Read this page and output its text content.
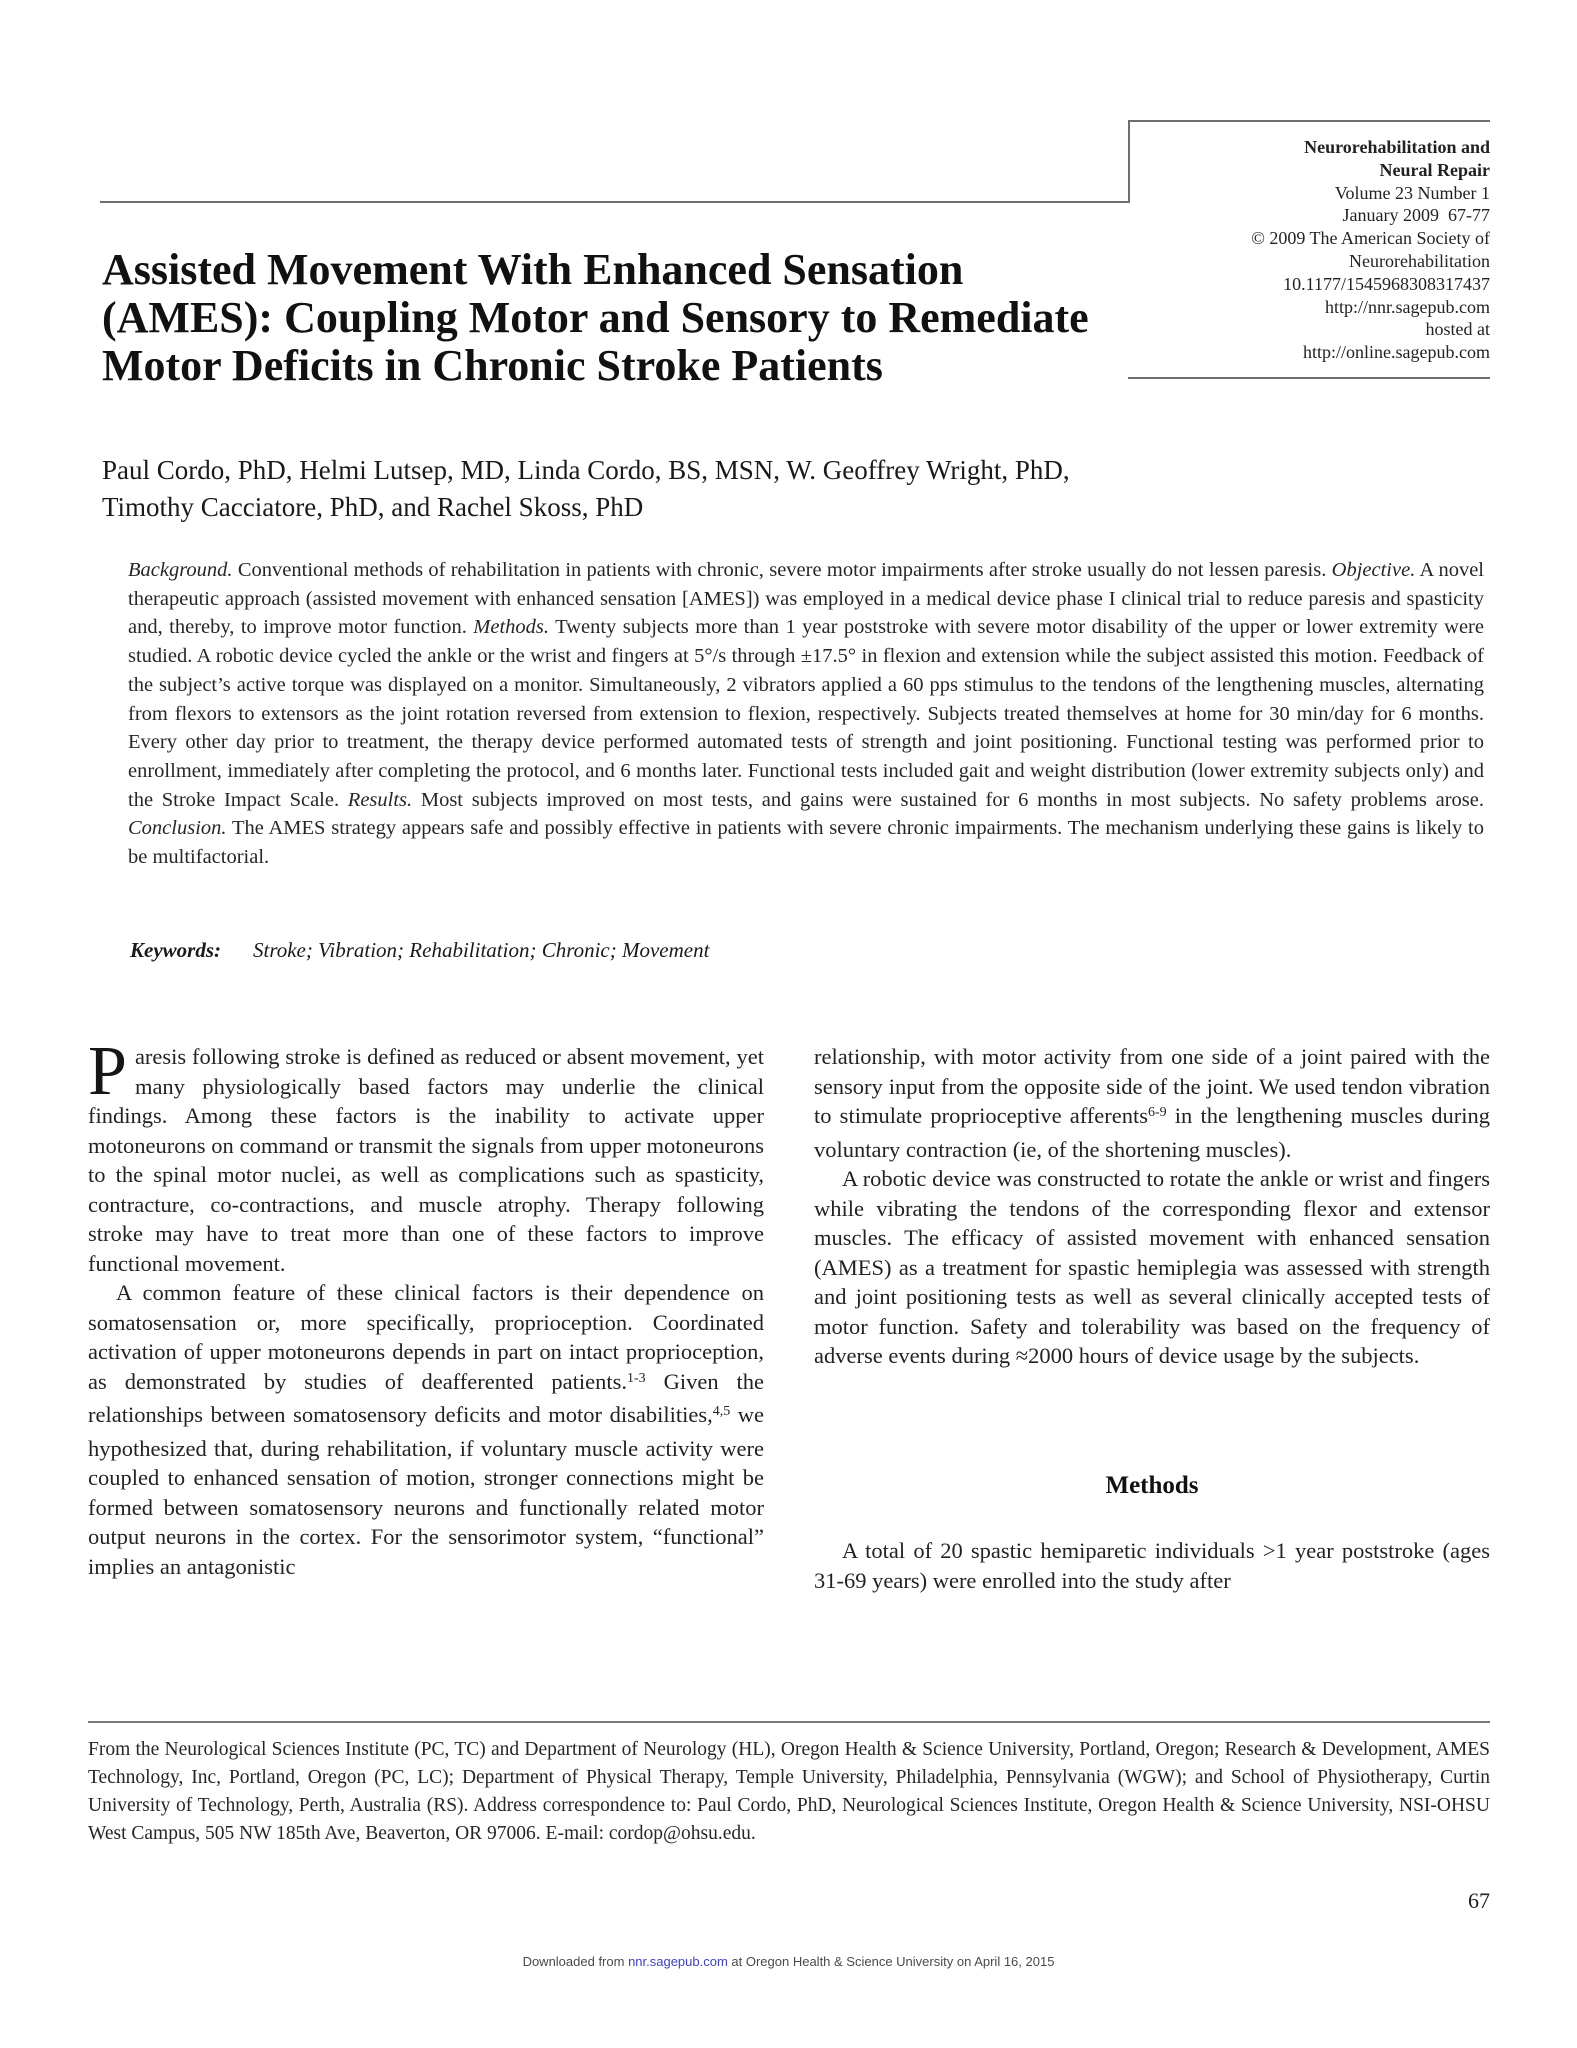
Neurorehabilitation and
Neural Repair
Volume 23 Number 1
January 2009  67-77
© 2009 The American Society of
Neurorehabilitation
10.1177/1545968308317437
http://nnr.sagepub.com
hosted at
http://online.sagepub.com
Assisted Movement With Enhanced Sensation
(AMES): Coupling Motor and Sensory to Remediate
Motor Deficits in Chronic Stroke Patients
Paul Cordo, PhD, Helmi Lutsep, MD, Linda Cordo, BS, MSN, W. Geoffrey Wright, PhD,
Timothy Cacciatore, PhD, and Rachel Skoss, PhD

Background. Conventional methods of rehabilitation in patients with chronic, severe motor impairments after stroke usually do not lessen paresis. Objective. A novel therapeutic approach (assisted movement with enhanced sensation [AMES]) was employed in a medical device phase I clinical trial to reduce paresis and spasticity and, thereby, to improve motor function. Methods. Twenty subjects more than 1 year poststroke with severe motor disability of the upper or lower extremity were studied. A robotic device cycled the ankle or the wrist and fingers at 5°/s through ±17.5° in flexion and extension while the subject assisted this motion. Feedback of the subject’s active torque was displayed on a monitor. Simultaneously, 2 vibrators applied a 60 pps stimulus to the tendons of the lengthening muscles, alternating from flexors to extensors as the joint rotation reversed from extension to flexion, respectively. Subjects treated themselves at home for 30 min/day for 6 months. Every other day prior to treatment, the therapy device performed automated tests of strength and joint positioning. Functional testing was performed prior to enrollment, immediately after completing the protocol, and 6 months later. Functional tests included gait and weight distribution (lower extremity subjects only) and the Stroke Impact Scale. Results. Most subjects improved on most tests, and gains were sustained for 6 months in most subjects. No safety problems arose. Conclusion. The AMES strategy appears safe and possibly effective in patients with severe chronic impairments. The mechanism underlying these gains is likely to be multifactorial.

Keywords: Stroke; Vibration; Rehabilitation; Chronic; Movement

Paresis following stroke is defined as reduced or absent movement, yet many physiologically based factors may underlie the clinical findings. Among these factors is the inability to activate upper motoneurons on command or transmit the signals from upper motoneurons to the spinal motor nuclei, as well as complications such as spasticity, contracture, co-contractions, and muscle atrophy. Therapy following stroke may have to treat more than one of these factors to improve functional movement.

A common feature of these clinical factors is their dependence on somatosensation or, more specifically, proprioception. Coordinated activation of upper motoneurons depends in part on intact proprioception, as demonstrated by studies of deafferented patients.$^{1-3}$ Given the relationships between somatosensory deficits and motor disabilities,$^{4,5}$ we hypothesized that, during rehabilitation, if voluntary muscle activity were coupled to enhanced sensation of motion, stronger connections might be formed between somatosensory neurons and functionally related motor output neurons in the cortex. For the sensorimotor system, “functional” implies an antagonistic

relationship, with motor activity from one side of a joint paired with the sensory input from the opposite side of the joint. We used tendon vibration to stimulate proprioceptive afferents$^{6-9}$ in the lengthening muscles during voluntary contraction (ie, of the shortening muscles).

A robotic device was constructed to rotate the ankle or wrist and fingers while vibrating the tendons of the corresponding flexor and extensor muscles. The efficacy of assisted movement with enhanced sensation (AMES) as a treatment for spastic hemiplegia was assessed with strength and joint positioning tests as well as several clinically accepted tests of motor function. Safety and tolerability was based on the frequency of adverse events during ≈2000 hours of device usage by the subjects.

Methods

A total of 20 spastic hemiparetic individuals >1 year poststroke (ages 31-69 years) were enrolled into the study after

From the Neurological Sciences Institute (PC, TC) and Department of Neurology (HL), Oregon Health & Science University, Portland, Oregon; Research & Development, AMES Technology, Inc, Portland, Oregon (PC, LC); Department of Physical Therapy, Temple University, Philadelphia, Pennsylvania (WGW); and School of Physiotherapy, Curtin University of Technology, Perth, Australia (RS). Address correspondence to: Paul Cordo, PhD, Neurological Sciences Institute, Oregon Health & Science University, NSI-OHSU West Campus, 505 NW 185th Ave, Beaverton, OR 97006. E-mail: cordop@ohsu.edu.

67
Downloaded from nnr.sagepub.com at Oregon Health & Science University on April 16, 2015
